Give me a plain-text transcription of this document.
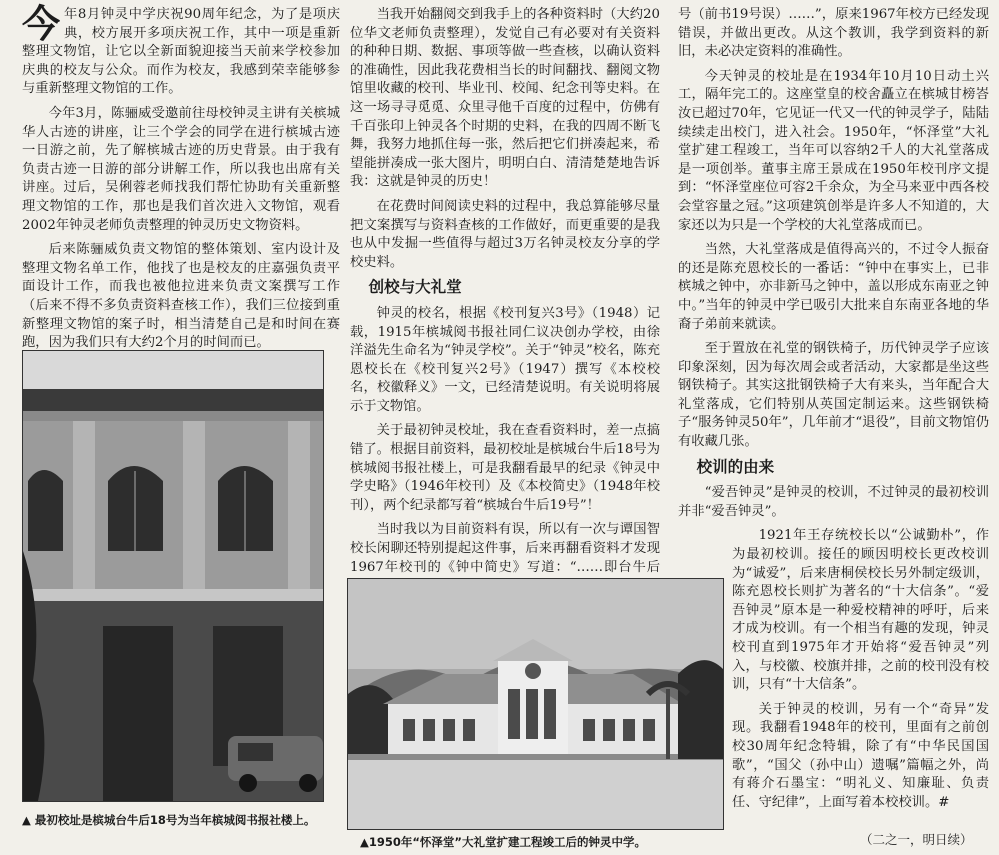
今年8月钟灵中学庆祝90周年纪念，为了是项庆典，校方展开多项庆祝工作，其中一项是重新整理文物馆，让它以全新面貌迎接当天前来学校参加庆典的校友与公众。而作为校友，我感到荣幸能够参与重新整理文物馆的工作。

今年3月，陈骊威受邀前往母校钟灵主讲有关槟城华人古迹的讲座，让三个学会的同学在进行槟城古迹一日游之前，先了解槟城古迹的历史背景。由于我有负责古迹一日游的部分讲解工作，所以我也出席有关讲座。过后，吴俐蓉老师找我们帮忙协助有关重新整理文物馆的工作，那也是我们首次进入文物馆，观看2002年钟灵老师负责整理的钟灵历史文物资料。

后来陈骊威负责文物馆的整体策划、室内设计及整理文物名单工作，他找了也是校友的庄嘉强负责平面设计工作，而我也被他拉进来负责文案撰写工作（后来不得不多负责资料查核工作），我们三位接到重新整理文物馆的案子时，相当清楚自己是和时间在赛跑，因为我们只有大约2个月的时间而已。

▲ 最初校址是槟城台牛后18号为当年槟城阅书报社楼上。

当我开始翻阅交到我手上的各种资料时（大约20位华文老师负责整理），发觉自己有必要对有关资料的种种日期、数据、事项等做一些查核，以确认资料的准确性，因此我花费相当长的时间翻找、翻阅文物馆里收藏的校刊、毕业刊、校闻、纪念刊等史料。在这一场寻寻觅觅、众里寻他千百度的过程中，仿佛有千百张印上钟灵各个时期的史料，在我的四周不断飞舞，我努力地抓住每一张，然后把它们拼凑起来，希望能拼凑成一张大图片，明明白白、清清楚楚地告诉我：这就是钟灵的历史！

在花费时间阅读史料的过程中，我总算能够尽量把文案撰写与资料查核的工作做好，而更重要的是我也从中发掘一些值得与超过3万名钟灵校友分享的学校史料。

创校与大礼堂

钟灵的校名，根据《校刊复兴3号》（1948）记载，1915年槟城阅书报社同仁议决创办学校，由徐洋溢先生命名为“钟灵学校”。关于“钟灵”校名，陈充恩校长在《校刊复兴2号》（1947）撰写《本校校名，校徽释义》一文，已经清楚说明。有关说明将展示于文物馆。

关于最初钟灵校址，我在查看资料时，差一点搞错了。根据目前资料，最初校址是槟城台牛后18号为槟城阅书报社楼上，可是我翻看最早的纪录《钟灵中学史略》（1946年校刊）及《本校简史》（1948年校刊），两个纪录都写着“槟城台牛后19号”！

当时我以为目前资料有误，所以有一次与谭国智校长闲聊还特别提起这件事，后来再翻看资料才发现1967年校刊的《钟中简史》写道：“……即台牛后

▲1950年“怀泽堂”大礼堂扩建工程竣工后的钟灵中学。

号（前书19号误）……”，原来1967年校方已经发现错误，并做出更改。从这个教训，我学到资料的新旧，未必决定资料的准确性。

今天钟灵的校址是在1934年10月10日动土兴工，隔年完工的。这座堂皇的校舍矗立在槟城甘榜峇汝已超过70年，它见证一代又一代的钟灵学子，陆陆续续走出校门，进入社会。1950年，“怀泽堂”大礼堂扩建工程竣工，当年可以容纳2千人的大礼堂落成是一项创举。董事主席王景成在1950年校刊序文提到：“怀泽堂座位可容2千余众，为全马来亚中西各校会堂容量之冠。”这项建筑创举是许多人不知道的，大家还以为只是一个学校的大礼堂落成而已。

当然，大礼堂落成是值得高兴的，不过令人振奋的还是陈充恩校长的一番话：“钟中在事实上，已非槟城之钟中，亦非新马之钟中，盖以形成东南亚之钟中。”当年的钟灵中学已吸引大批来自东南亚各地的华裔子弟前来就读。

至于置放在礼堂的钢铁椅子，历代钟灵学子应该印象深刻，因为每次周会或者活动，大家都是坐这些钢铁椅子。其实这批钢铁椅子大有来头，当年配合大礼堂落成，它们特别从英国定制运来。这些钢铁椅子“服务钟灵50年”，几年前才“退役”，目前文物馆仍有收藏几张。

校训的由来

“爱吾钟灵”是钟灵的校训，不过钟灵的最初校训并非“爱吾钟灵”。

1921年王存统校长以“公诚勤朴”，作为最初校训。接任的顾因明校长更改校训为“诚爱”，后来唐桐侯校长另外制定级训，陈充恩校长则扩为著名的“十大信条”。“爱吾钟灵”原本是一种爱校精神的呼吁，后来才成为校训。有一个相当有趣的发现，钟灵校刊直到1975年才开始将“爱吾钟灵”列入，与校徽、校旗并排，之前的校刊没有校训，只有“十大信条”。

关于钟灵的校训，另有一个“奇异”发现。我翻看1948年的校刊，里面有之前创校30周年纪念特辑，除了有“中华民国国歌”，“国父（孙中山）遗嘱”篇幅之外，尚有蒋介石墨宝：“明礼义、知廉耻、负责任、守纪律”，上面写着本校校训。#

（二之一，明日续）
